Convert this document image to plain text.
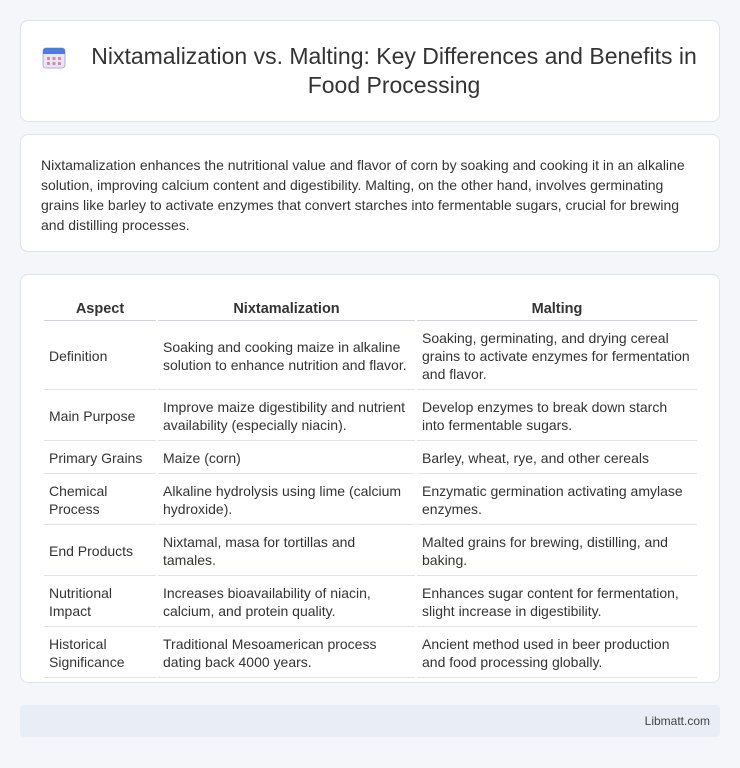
Nixtamalization vs. Malting: Key Differences and Benefits in Food Processing

Nixtamalization enhances the nutritional value and flavor of corn by soaking and cooking it in an alkaline solution, improving calcium content and digestibility. Malting, on the other hand, involves germinating grains like barley to activate enzymes that convert starches into fermentable sugars, crucial for brewing and distilling processes.

Aspect	Nixtamalization	Malting
Definition	Soaking and cooking maize in alkaline solution to enhance nutrition and flavor.	Soaking, germinating, and drying cereal grains to activate enzymes for fermentation and flavor.
Main Purpose	Improve maize digestibility and nutrient availability (especially niacin).	Develop enzymes to break down starch into fermentable sugars.
Primary Grains	Maize (corn)	Barley, wheat, rye, and other cereals
Chemical Process	Alkaline hydrolysis using lime (calcium hydroxide).	Enzymatic germination activating amylase enzymes.
End Products	Nixtamal, masa for tortillas and tamales.	Malted grains for brewing, distilling, and baking.
Nutritional Impact	Increases bioavailability of niacin, calcium, and protein quality.	Enhances sugar content for fermentation, slight increase in digestibility.
Historical Significance	Traditional Mesoamerican process dating back 4000 years.	Ancient method used in beer production and food processing globally.
Libmatt.com
